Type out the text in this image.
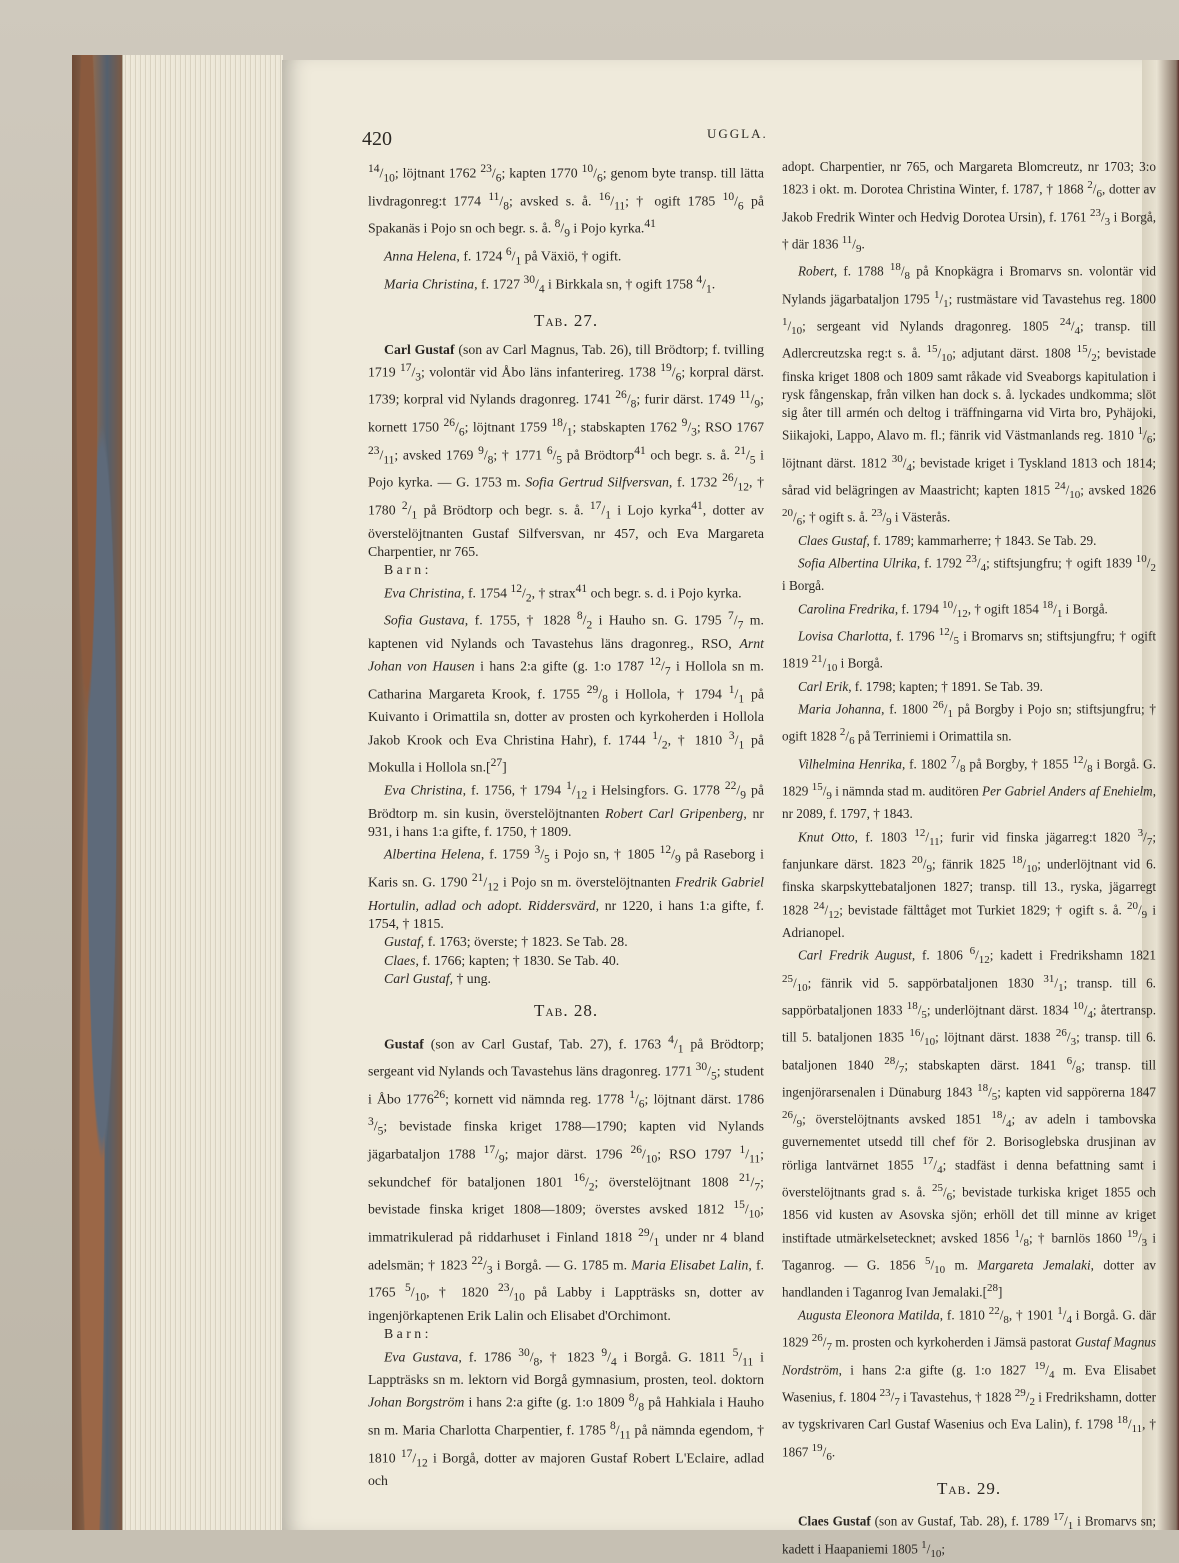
420	UGGLA.

$^{14}/_{10}$; löjtnant 1762 $^{23}/_6$; kapten 1770 $^{10}/_6$; genom byte transp. till lätta livdragonreg:t 1774 $^{11}/_8$; avsked s. å. $^{16}/_{11}$; † ogift 1785 $^{10}/_6$ på Spakanäs i Pojo sn och begr. s. å. $^8/_9$ i Pojo kyrka.$^{41}$

Anna Helena, f. 1724 $^6/_1$ på Växiö, † ogift.

Maria Christina, f. 1727 $^{30}/_4$ i Birkkala sn, † ogift 1758 $^4/_1$.

TAB. 27.

Carl Gustaf (son av Carl Magnus, Tab. 26), till Brödtorp; f. tvilling 1719 $^{17}/_3$; volontär vid Åbo läns infanterireg. 1738 $^{19}/_6$; korpral därst. 1739; korpral vid Nylands dragonreg. 1741 $^{26}/_8$; furir därst. 1749 $^{11}/_9$; kornett 1750 $^{26}/_6$; löjtnant 1759 $^{18}/_1$; stabskapten 1762 $^9/_3$; RSO 1767 $^{23}/_{11}$; avsked 1769 $^9/_8$; † 1771 $^6/_5$ på Brödtorp$^{41}$ och begr. s. å. $^{21}/_5$ i Pojo kyrka. — G. 1753 m. Sofia Gertrud Silfversvan, f. 1732 $^{26}/_{12}$, † 1780 $^2/_1$ på Brödtorp och begr. s. å. $^{17}/_1$ i Lojo kyrka$^{41}$, dotter av överstelöjtnanten Gustaf Silfversvan, nr 457, och Eva Margareta Charpentier, nr 765.

B a r n :

Eva Christina, f. 1754 $^{12}/_2$, † strax$^{41}$ och begr. s. d. i Pojo kyrka.

Sofia Gustava, f. 1755, † 1828 $^8/_2$ i Hauho sn. G. 1795 $^7/_7$ m. kaptenen vid Nylands och Tavastehus läns dragonreg., RSO, Arnt Johan von Hausen i hans 2:a gifte (g. 1:o 1787 $^{12}/_7$ i Hollola sn m. Catharina Margareta Krook, f. 1755 $^{29}/_8$ i Hollola, † 1794 $^1/_1$ på Kuivanto i Orimattila sn, dotter av prosten och kyrkoherden i Hollola Jakob Krook och Eva Christina Hahr), f. 1744 $^1/_2$, † 1810 $^3/_1$ på Mokulla i Hollola sn.[$^{27}$]

Eva Christina, f. 1756, † 1794 $^1/_{12}$ i Helsingfors. G. 1778 $^{22}/_9$ på Brödtorp m. sin kusin, överstelöjtnanten Robert Carl Gripenberg, nr 931, i hans 1:a gifte, f. 1750, † 1809.

Albertina Helena, f. 1759 $^3/_5$ i Pojo sn, † 1805 $^{12}/_9$ på Raseborg i Karis sn. G. 1790 $^{21}/_{12}$ i Pojo sn m. överstelöjtnanten Fredrik Gabriel Hortulin, adlad och adopt. Riddersvärd, nr 1220, i hans 1:a gifte, f. 1754, † 1815.

Gustaf, f. 1763; överste; † 1823. Se Tab. 28.

Claes, f. 1766; kapten; † 1830. Se Tab. 40.

Carl Gustaf, † ung.

TAB. 28.

Gustaf (son av Carl Gustaf, Tab. 27), f. 1763 $^4/_1$ på Brödtorp; sergeant vid Nylands och Tavastehus läns dragonreg. 1771 $^{30}/_5$; student i Åbo 1776$^{26}$; kornett vid nämnda reg. 1778 $^1/_6$; löjtnant därst. 1786 $^3/_5$; bevistade finska kriget 1788—1790; kapten vid Nylands jägarbataljon 1788 $^{17}/_9$; major därst. 1796 $^{26}/_{10}$; RSO 1797 $^1/_{11}$; sekundchef för bataljonen 1801 $^{16}/_2$; överstelöjtnant 1808 $^{21}/_7$; bevistade finska kriget 1808—1809; överstes avsked 1812 $^{15}/_{10}$; immatrikulerad på riddarhuset i Finland 1818 $^{29}/_1$ under nr 4 bland adelsmän; † 1823 $^{22}/_3$ i Borgå. — G. 1785 m. Maria Elisabet Lalin, f. 1765 $^5/_{10}$, † 1820 $^{23}/_{10}$ på Labby i Lappträsks sn, dotter av ingenjörkaptenen Erik Lalin och Elisabet d'Orchimont.

B a r n :

Eva Gustava, f. 1786 $^{30}/_8$, † 1823 $^9/_4$ i Borgå. G. 1811 $^5/_{11}$ i Lappträsks sn m. lektorn vid Borgå gymnasium, prosten, teol. doktorn Johan Borgström i hans 2:a gifte (g. 1:o 1809 $^8/_8$ på Hahkiala i Hauho sn m. Maria Charlotta Charpentier, f. 1785 $^8/_{11}$ på nämnda egendom, † 1810 $^{17}/_{12}$ i Borgå, dotter av majoren Gustaf Robert L'Eclaire, adlad och

adopt. Charpentier, nr 765, och Margareta Blomcreutz, nr 1703; 3:o 1823 i okt. m. Dorotea Christina Winter, f. 1787, † 1868 $^2/_6$, dotter av Jakob Fredrik Winter och Hedvig Dorotea Ursin), f. 1761 $^{23}/_3$ i Borgå, † där 1836 $^{11}/_9$.

Robert, f. 1788 $^{18}/_8$ på Knopkägra i Bromarvs sn. volontär vid Nylands jägarbataljon 1795 $^1/_1$; rustmästare vid Tavastehus reg. 1800 $^1/_{10}$; sergeant vid Nylands dragonreg. 1805 $^{24}/_4$; transp. till Adlercreutzska reg:t s. å. $^{15}/_{10}$; adjutant därst. 1808 $^{15}/_2$; bevistade finska kriget 1808 och 1809 samt råkade vid Sveaborgs kapitulation i rysk fångenskap, från vilken han dock s. å. lyckades undkomma; slöt sig åter till armén och deltog i träffningarna vid Virta bro, Pyhäjoki, Siikajoki, Lappo, Alavo m. fl.; fänrik vid Västmanlands reg. 1810 $^1/_6$; löjtnant därst. 1812 $^{30}/_4$; bevistade kriget i Tyskland 1813 och 1814; sårad vid belägringen av Maastricht; kapten 1815 $^{24}/_{10}$; avsked 1826 $^{20}/_6$; † ogift s. å. $^{23}/_9$ i Västerås.

Claes Gustaf, f. 1789; kammarherre; † 1843. Se Tab. 29.

Sofia Albertina Ulrika, f. 1792 $^{23}/_4$; stiftsjungfru; † ogift 1839 $^{10}/_2$ i Borgå.

Carolina Fredrika, f. 1794 $^{10}/_{12}$, † ogift 1854 $^{18}/_1$ i Borgå.

Lovisa Charlotta, f. 1796 $^{12}/_5$ i Bromarvs sn; stiftsjungfru; † ogift 1819 $^{21}/_{10}$ i Borgå.

Carl Erik, f. 1798; kapten; † 1891. Se Tab. 39.

Maria Johanna, f. 1800 $^{26}/_1$ på Borgby i Pojo sn; stiftsjungfru; † ogift 1828 $^2/_6$ på Terriniemi i Orimattila sn.

Vilhelmina Henrika, f. 1802 $^7/_8$ på Borgby, † 1855 $^{12}/_8$ i Borgå. G. 1829 $^{15}/_9$ i nämnda stad m. auditören Per Gabriel Anders af Enehielm, nr 2089, f. 1797, † 1843.

Knut Otto, f. 1803 $^{12}/_{11}$; furir vid finska jägarreg:t 1820 $^3/_7$; fanjunkare därst. 1823 $^{20}/_9$; fänrik 1825 $^{18}/_{10}$; underlöjtnant vid 6. finska skarpskyttebataljonen 1827; transp. till 13., ryska, jägarregt 1828 $^{24}/_{12}$; bevistade fälttåget mot Turkiet 1829; † ogift s. å. $^{20}/_9$ i Adrianopel.

Carl Fredrik August, f. 1806 $^6/_{12}$; kadett i Fredrikshamn 1821 $^{25}/_{10}$; fänrik vid 5. sappörbataljonen 1830 $^{31}/_1$; transp. till 6. sappörbataljonen 1833 $^{18}/_5$; underlöjtnant därst. 1834 $^{10}/_4$; återtransp. till 5. bataljonen 1835 $^{16}/_{10}$; löjtnant därst. 1838 $^{26}/_3$; transp. till 6. bataljonen 1840 $^{28}/_7$; stabskapten därst. 1841 $^6/_8$; transp. till ingenjörarsenalen i Dünaburg 1843 $^{18}/_5$; kapten vid sappörerna 1847 $^{26}/_9$; överstelöjtnants avsked 1851 $^{18}/_4$; av adeln i tambovska guvernementet utsedd till chef för 2. Borisoglebska drusjinan av rörliga lantvärnet 1855 $^{17}/_4$; stadfäst i denna befattning samt i överstelöjtnants grad s. å. $^{25}/_6$; bevistade turkiska kriget 1855 och 1856 vid kusten av Asovska sjön; erhöll det till minne av kriget instiftade utmärkelsetecknet; avsked 1856 $^1/_8$; † barnlös 1860 $^{19}/_3$ i Taganrog. — G. 1856 $^5/_{10}$ m. Margareta Jemalaki, dotter av handlanden i Taganrog Ivan Jemalaki.[$^{28}$]

Augusta Eleonora Matilda, f. 1810 $^{22}/_8$, † 1901 $^1/_4$ i Borgå. G. där 1829 $^{26}/_7$ m. prosten och kyrkoherden i Jämsä pastorat Gustaf Magnus Nordström, i hans 2:a gifte (g. 1:o 1827 $^{19}/_4$ m. Eva Elisabet Wasenius, f. 1804 $^{23}/_7$ i Tavastehus, † 1828 $^{29}/_2$ i Fredrikshamn, dotter av tygskrivaren Carl Gustaf Wasenius och Eva Lalin), f. 1798 $^{18}/_{11}$, † 1867 $^{19}/_6$.

TAB. 29.

Claes Gustaf (son av Gustaf, Tab. 28), f. 1789 $^{17}/_1$ i Bromarvs sn; kadett i Haapaniemi 1805 $^1/_{10}$;
